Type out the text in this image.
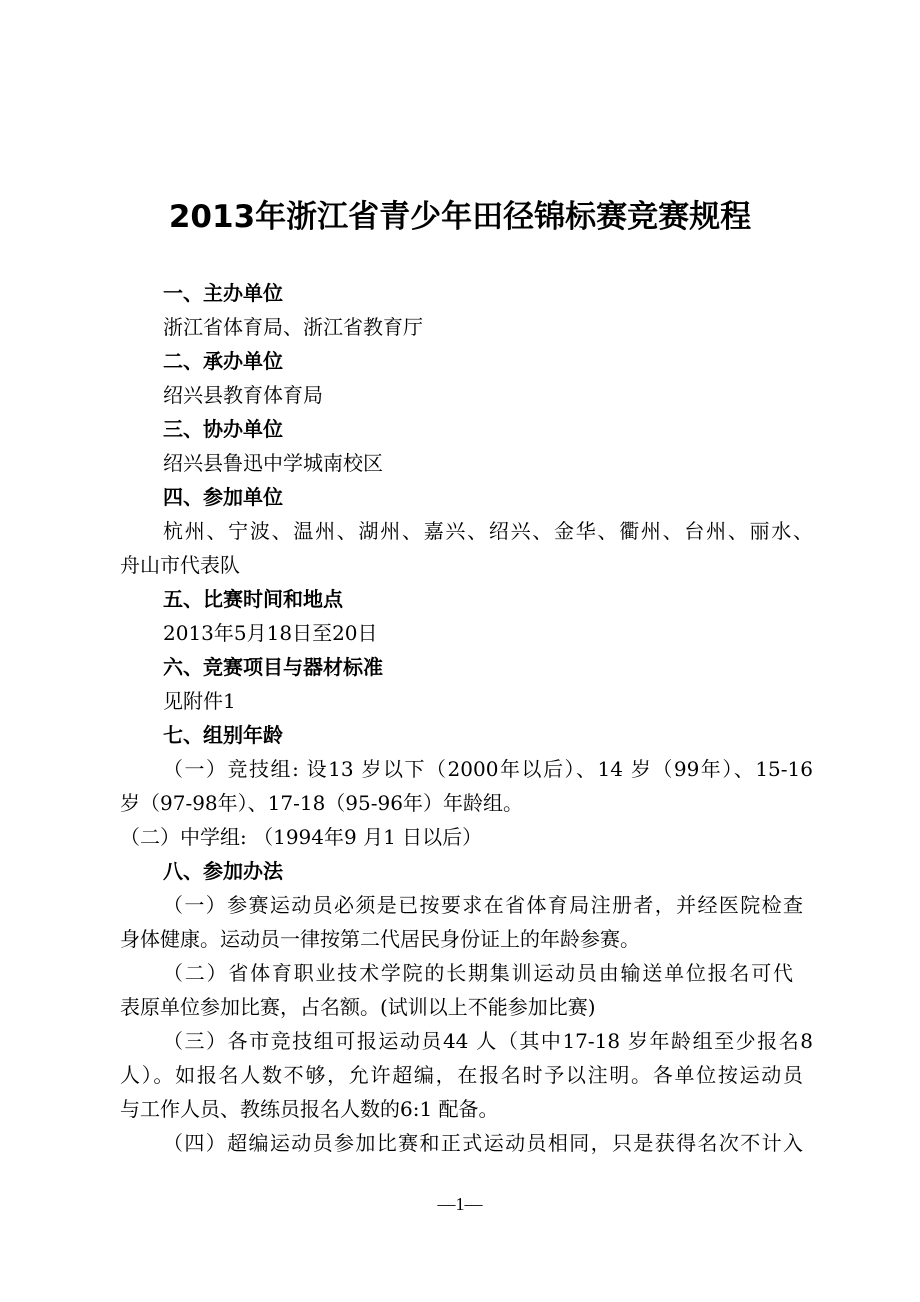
2013年浙江省青少年田径锦标赛竞赛规程
一、主办单位
浙江省体育局、浙江省教育厅
二、承办单位
绍兴县教育体育局
三、协办单位
绍兴县鲁迅中学城南校区
四、参加单位
杭州、宁波、温州、湖州、嘉兴、绍兴、金华、衢州、台州、丽水、
舟山市代表队
五、比赛时间和地点
2013年5月18日至20日
六、竞赛项目与器材标准
见附件1
七、组别年龄
（一）竞技组: 设13 岁以下（2000年以后）、14 岁（99年）、15-16
岁（97-98年）、17-18（95-96年）年龄组。
（二）中学组: （1994年9 月1 日以后）
八、参加办法
（一）参赛运动员必须是已按要求在省体育局注册者，并经医院检查
身体健康。运动员一律按第二代居民身份证上的年龄参赛。
（二）省体育职业技术学院的长期集训运动员由输送单位报名可代
表原单位参加比赛，占名额。(试训以上不能参加比赛)
（三）各市竞技组可报运动员44 人（其中17-18 岁年龄组至少报名8
人）。如报名人数不够，允许超编，在报名时予以注明。各单位按运动员
与工作人员、教练员报名人数的6:1 配备。
（四）超编运动员参加比赛和正式运动员相同，只是获得名次不计入
—1—
